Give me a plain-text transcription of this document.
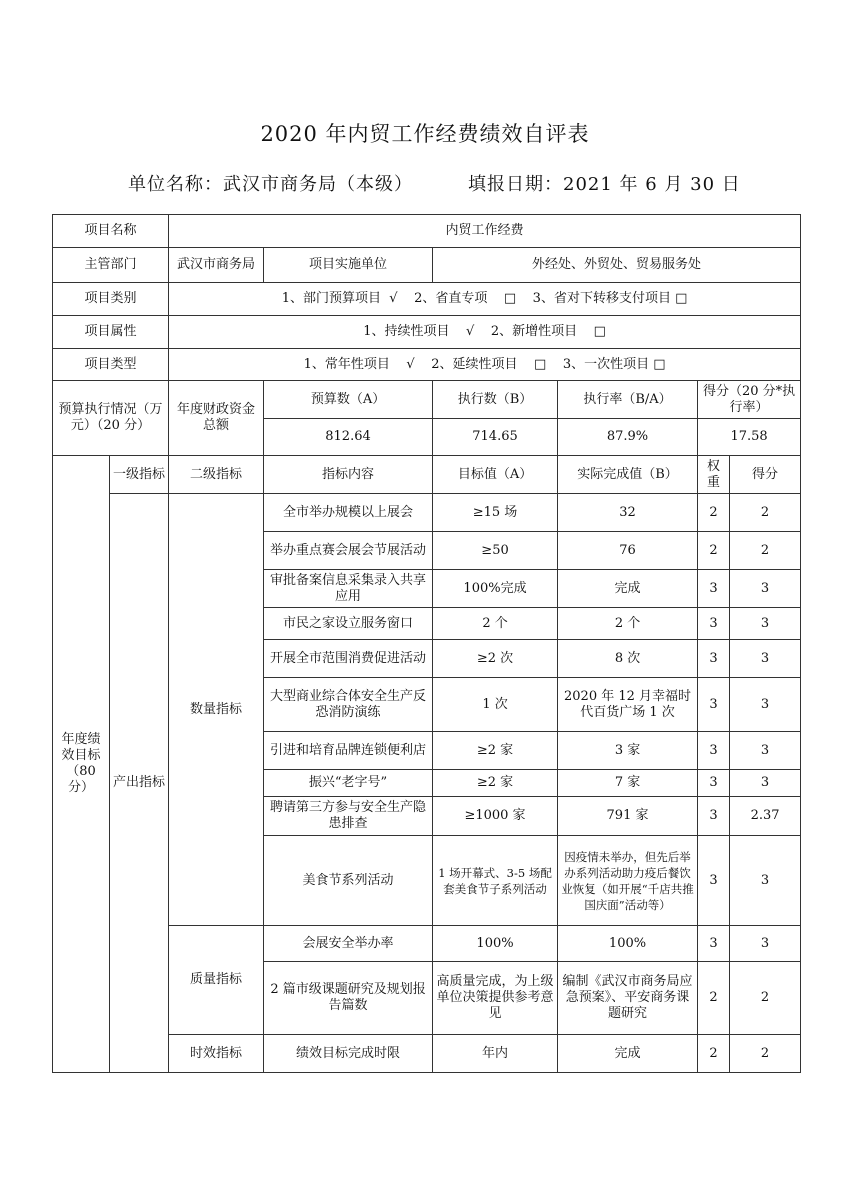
2020 年内贸工作经费绩效自评表
单位名称：武汉市商务局（本级）	填报日期：2021 年 6 月 30 日
项目名称		内贸工作经费					
主管部门		武汉市商务局	项目实施单位	外经处、外贸处、贸易服务处			
项目类别		1、部门预算项目  √    2、省直专项    □    3、省对下转移支付项目 □					
项目属性		1、持续性项目    √    2、新增性项目    □					
项目类型		1、常年性项目    √    2、延续性项目    □    3、一次性项目 □					
预算执行情况（万元）（20 分）		年度财政资金总额	预算数（A）	执行数（B）	执行率（B/A）	得分（20 分*执行率）	
			812.64	714.65	87.9%	17.58	
年度绩效目标（80 分）	一级指标	二级指标	指标内容	目标值（A）	实际完成值（B）	权重	得分
	产出指标	数量指标	全市举办规模以上展会	≥15 场	32	2	2
			举办重点赛会展会节展活动	≥50	76	2	2
			审批备案信息采集录入共享应用	100%完成	完成	3	3
			市民之家设立服务窗口	2 个	2 个	3	3
			开展全市范围消费促进活动	≥2 次	8 次	3	3
			大型商业综合体安全生产反恐消防演练	1 次	2020 年 12 月幸福时代百货广场 1 次	3	3
			引进和培育品牌连锁便利店	≥2 家	3 家	3	3
			振兴“老字号”	≥2 家	7 家	3	3
			聘请第三方参与安全生产隐患排查	≥1000 家	791 家	3	2.37
			美食节系列活动	1 场开幕式、3-5 场配套美食节子系列活动	因疫情未举办，但先后举办系列活动助力疫后餐饮业恢复（如开展“千店共推国庆面”活动等）	3	3
		质量指标	会展安全举办率	100%	100%	3	3
			2 篇市级课题研究及规划报告篇数	高质量完成，为上级单位决策提供参考意见	编制《武汉市商务局应急预案》、平安商务课题研究	2	2
		时效指标	绩效目标完成时限	年内	完成	2	2
